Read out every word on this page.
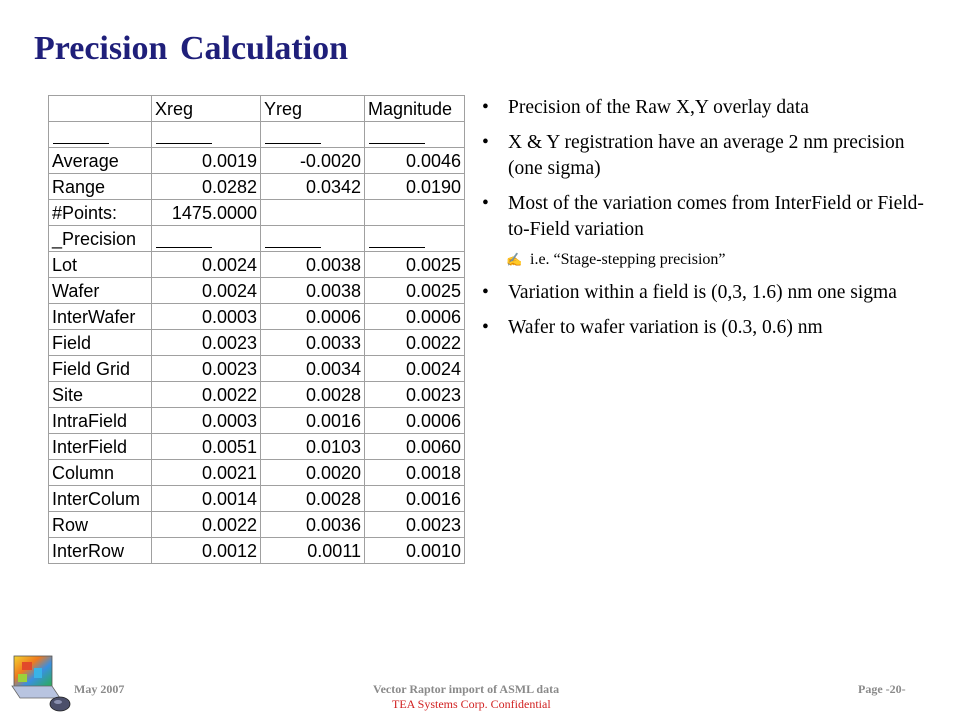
Precision Calculation
	Xreg	Yreg	Magnitude

Average	0.0019	-0.0020	0.0046
Range	0.0282	0.0342	0.0190
#Points:	1475.0000		
_Precision			
Lot	0.0024	0.0038	0.0025
Wafer	0.0024	0.0038	0.0025
InterWafer	0.0003	0.0006	0.0006
Field	0.0023	0.0033	0.0022
Field Grid	0.0023	0.0034	0.0024
Site	0.0022	0.0028	0.0023
IntraField	0.0003	0.0016	0.0006
InterField	0.0051	0.0103	0.0060
Column	0.0021	0.0020	0.0018
InterColum	0.0014	0.0028	0.0016
Row	0.0022	0.0036	0.0023
InterRow	0.0012	0.0011	0.0010
• Precision of the Raw X,Y overlay data
• X & Y registration have an average 2 nm precision (one sigma)
• Most of the variation comes from InterField or Field-to-Field variation
✍ i.e. “Stage-stepping precision”
• Variation within a field is (0,3, 1.6) nm one sigma
• Wafer to wafer variation is (0.3, 0.6) nm
May 2007	Vector Raptor import of ASML data	Page -20-
TEA Systems Corp. Confidential
